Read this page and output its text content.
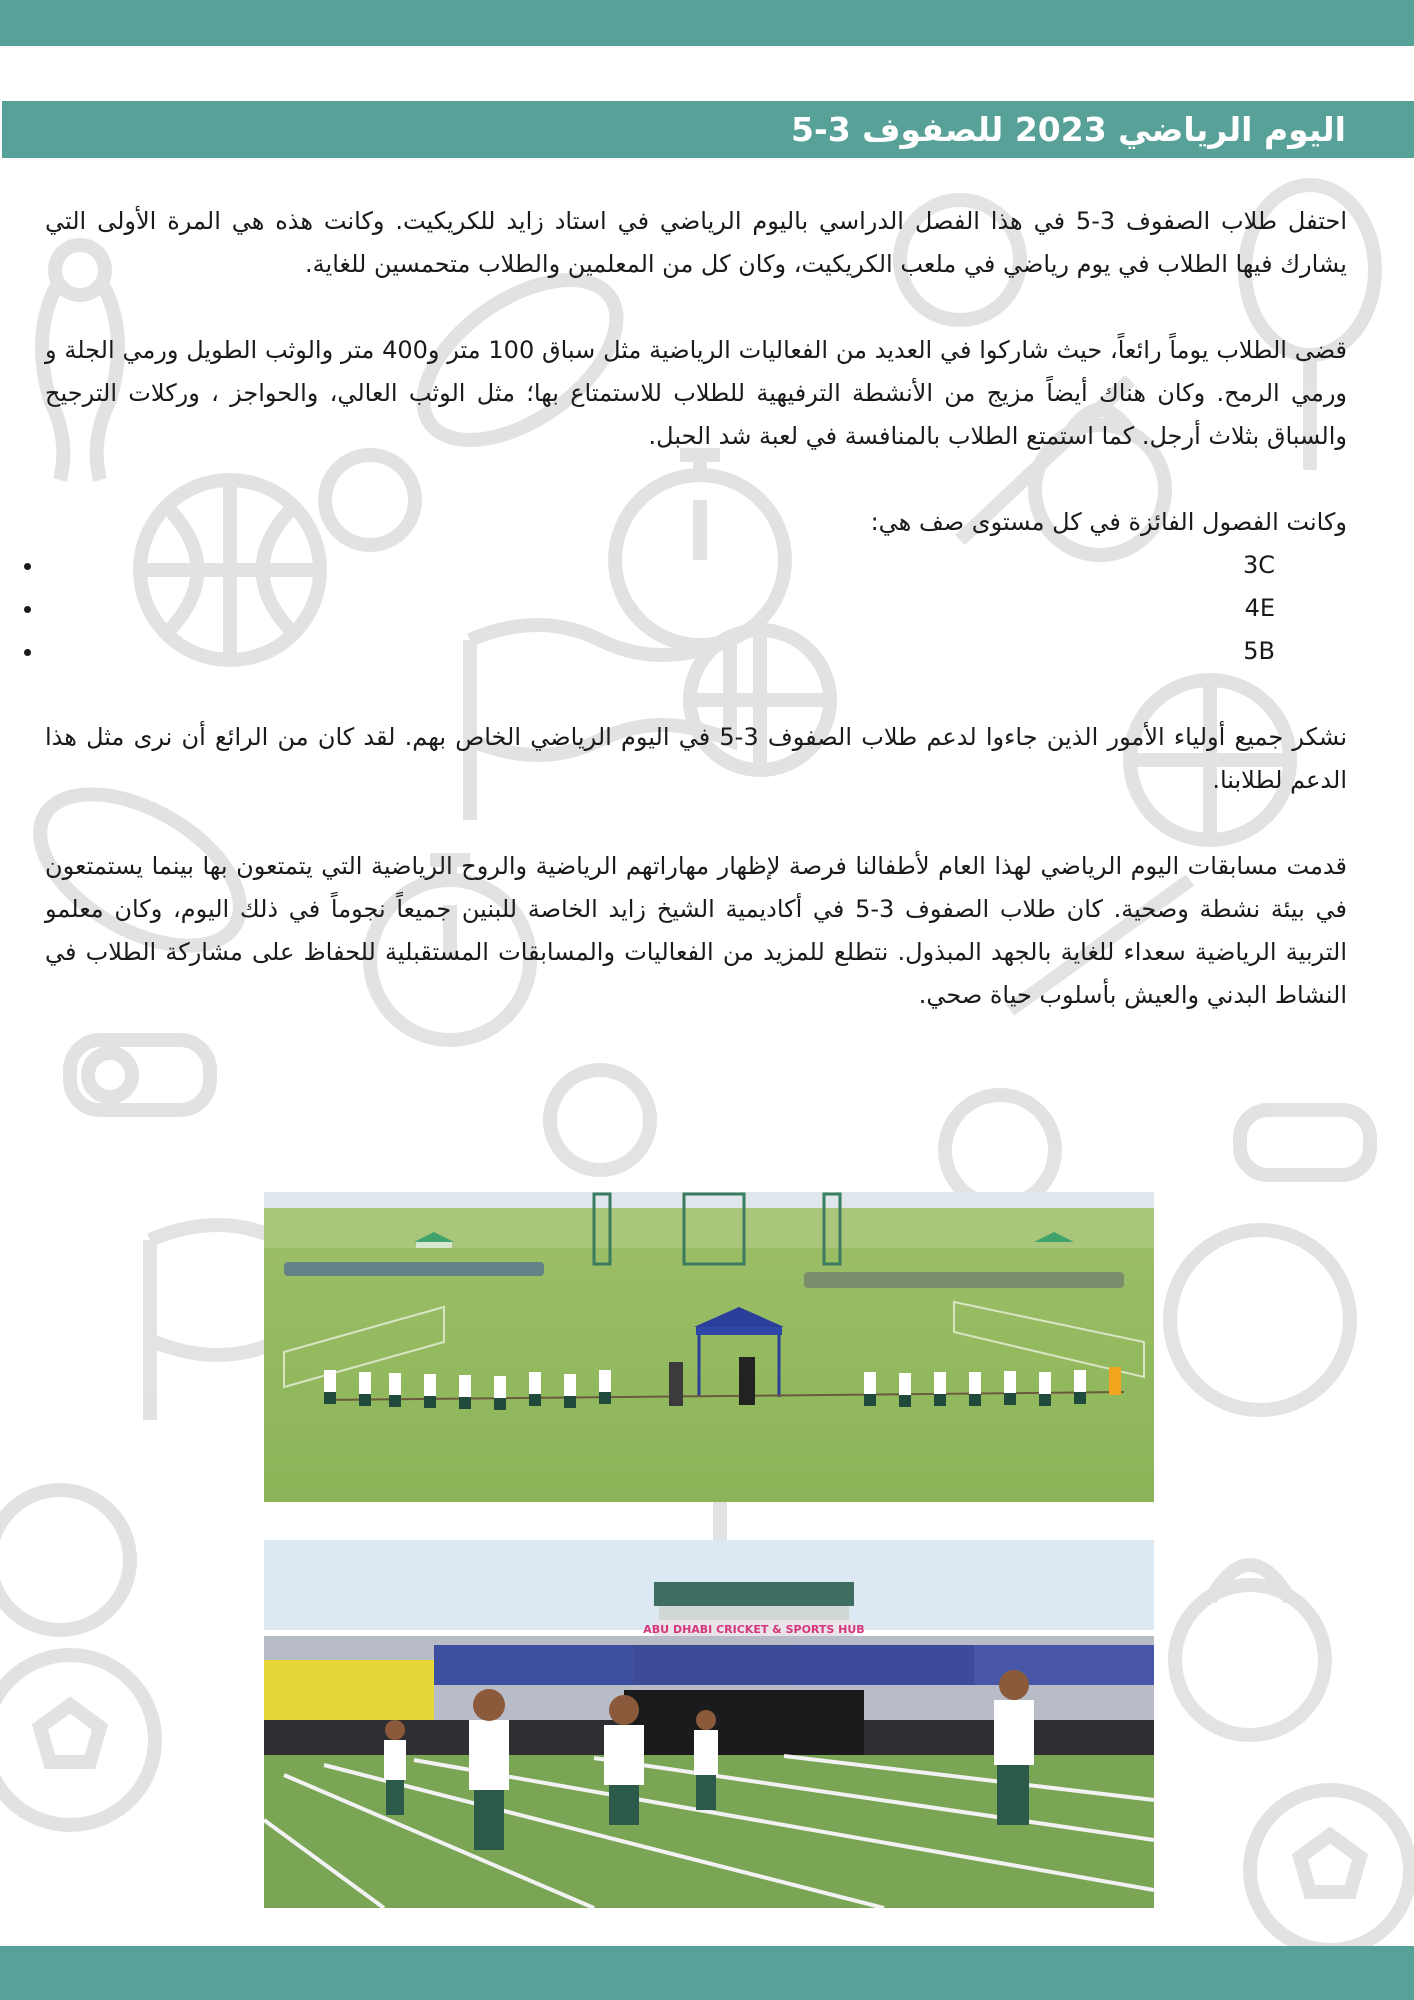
اليوم الرياضي 2023 للصفوف 3-5

احتفل طلاب الصفوف 3-5 في هذا الفصل الدراسي باليوم الرياضي في استاد زايد للكريكيت. وكانت هذه هي المرة الأولى التي يشارك فيها الطلاب في يوم رياضي في ملعب الكريكيت، وكان كل من المعلمين والطلاب متحمسين للغاية.

قضى الطلاب يوماً رائعاً، حيث شاركوا في العديد من الفعاليات الرياضية مثل سباق 100 متر و400 متر والوثب الطويل ورمي الجلة و ورمي الرمح. وكان هناك أيضاً مزيج من الأنشطة الترفيهية للطلاب للاستمتاع بها؛ مثل الوثب العالي، والحواجز ، وركلات الترجيح والسباق بثلاث أرجل. كما استمتع الطلاب بالمنافسة في لعبة شد الحبل.

وكانت الفصول الفائزة في كل مستوى صف هي:

• 3C
• 4E
• 5B

نشكر جميع أولياء الأمور الذين جاءوا لدعم طلاب الصفوف 3-5 في اليوم الرياضي الخاص بهم. لقد كان من الرائع أن نرى مثل هذا الدعم لطلابنا.

قدمت مسابقات اليوم الرياضي لهذا العام لأطفالنا فرصة لإظهار مهاراتهم الرياضية والروح الرياضية التي يتمتعون بها بينما يستمتعون في بيئة نشطة وصحية. كان طلاب الصفوف 3-5 في أكاديمية الشيخ زايد الخاصة للبنين جميعاً نجوماً في ذلك اليوم، وكان معلمو التربية الرياضية سعداء للغاية بالجهد المبذول. نتطلع للمزيد من الفعاليات والمسابقات المستقبلية للحفاظ على مشاركة الطلاب في النشاط البدني والعيش بأسلوب حياة صحي.

ABU DHABI CRICKET & SPORTS HUB
